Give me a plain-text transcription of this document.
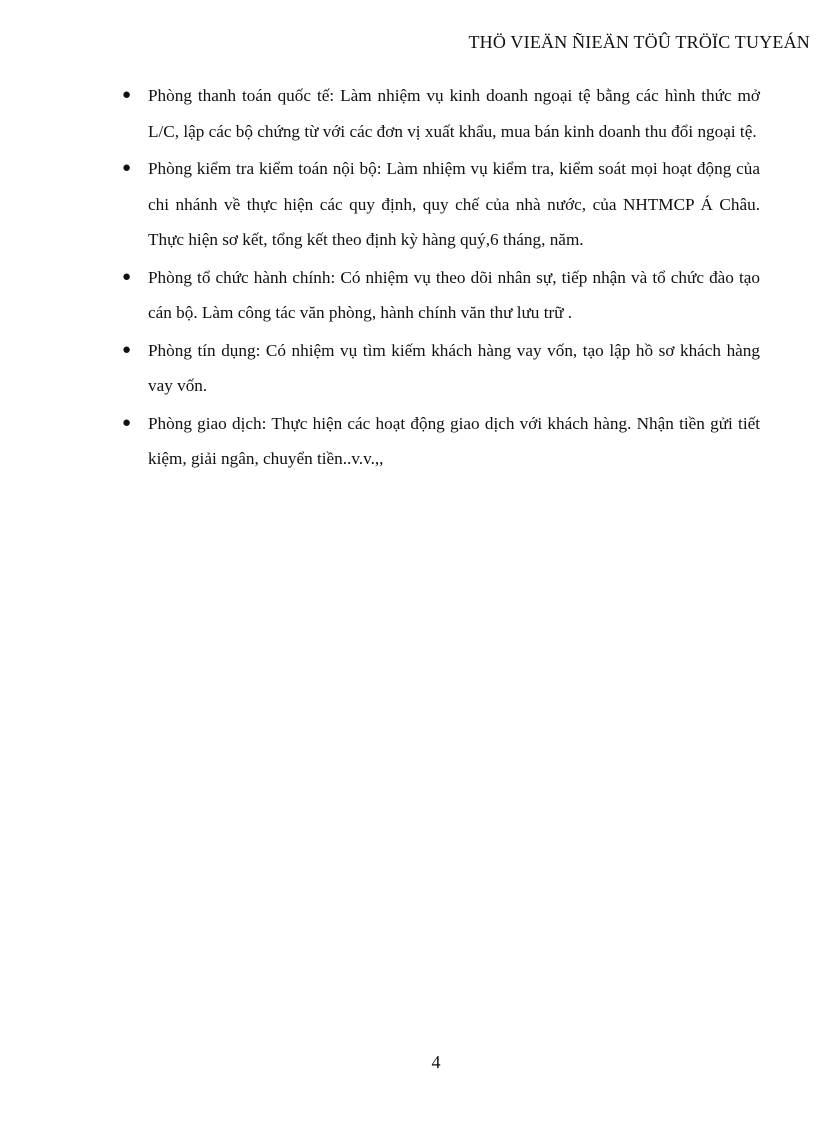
THÖ VIEÄN ÑIEÄN TÖÛ TRÖÏC TUYEÁN
● Phòng thanh toán quốc tế: Làm nhiệm vụ kinh doanh ngoại tệ bằng các hình thức mở L/C, lập các bộ chứng từ với các đơn vị xuất khẩu, mua bán kinh doanh thu đổi ngoại tệ.
● Phòng kiểm tra kiểm toán nội bộ: Làm nhiệm vụ kiểm tra, kiểm soát mọi hoạt động của chi nhánh về thực hiện các quy định, quy chế của nhà nước, của NHTMCP Á Châu. Thực hiện sơ kết, tổng kết theo định kỳ hàng quý,6 tháng, năm.
● Phòng tổ chức hành chính: Có nhiệm vụ theo dõi nhân sự, tiếp nhận và tổ chức đào tạo cán bộ. Làm công tác văn phòng, hành chính văn thư lưu trữ .
● Phòng tín dụng: Có nhiệm vụ tìm kiếm khách hàng vay vốn, tạo lập hồ sơ khách hàng vay vốn.
● Phòng giao dịch: Thực hiện các hoạt động giao dịch với khách hàng. Nhận tiền gửi tiết kiệm, giải ngân, chuyển tiền..v.v.,,
4
